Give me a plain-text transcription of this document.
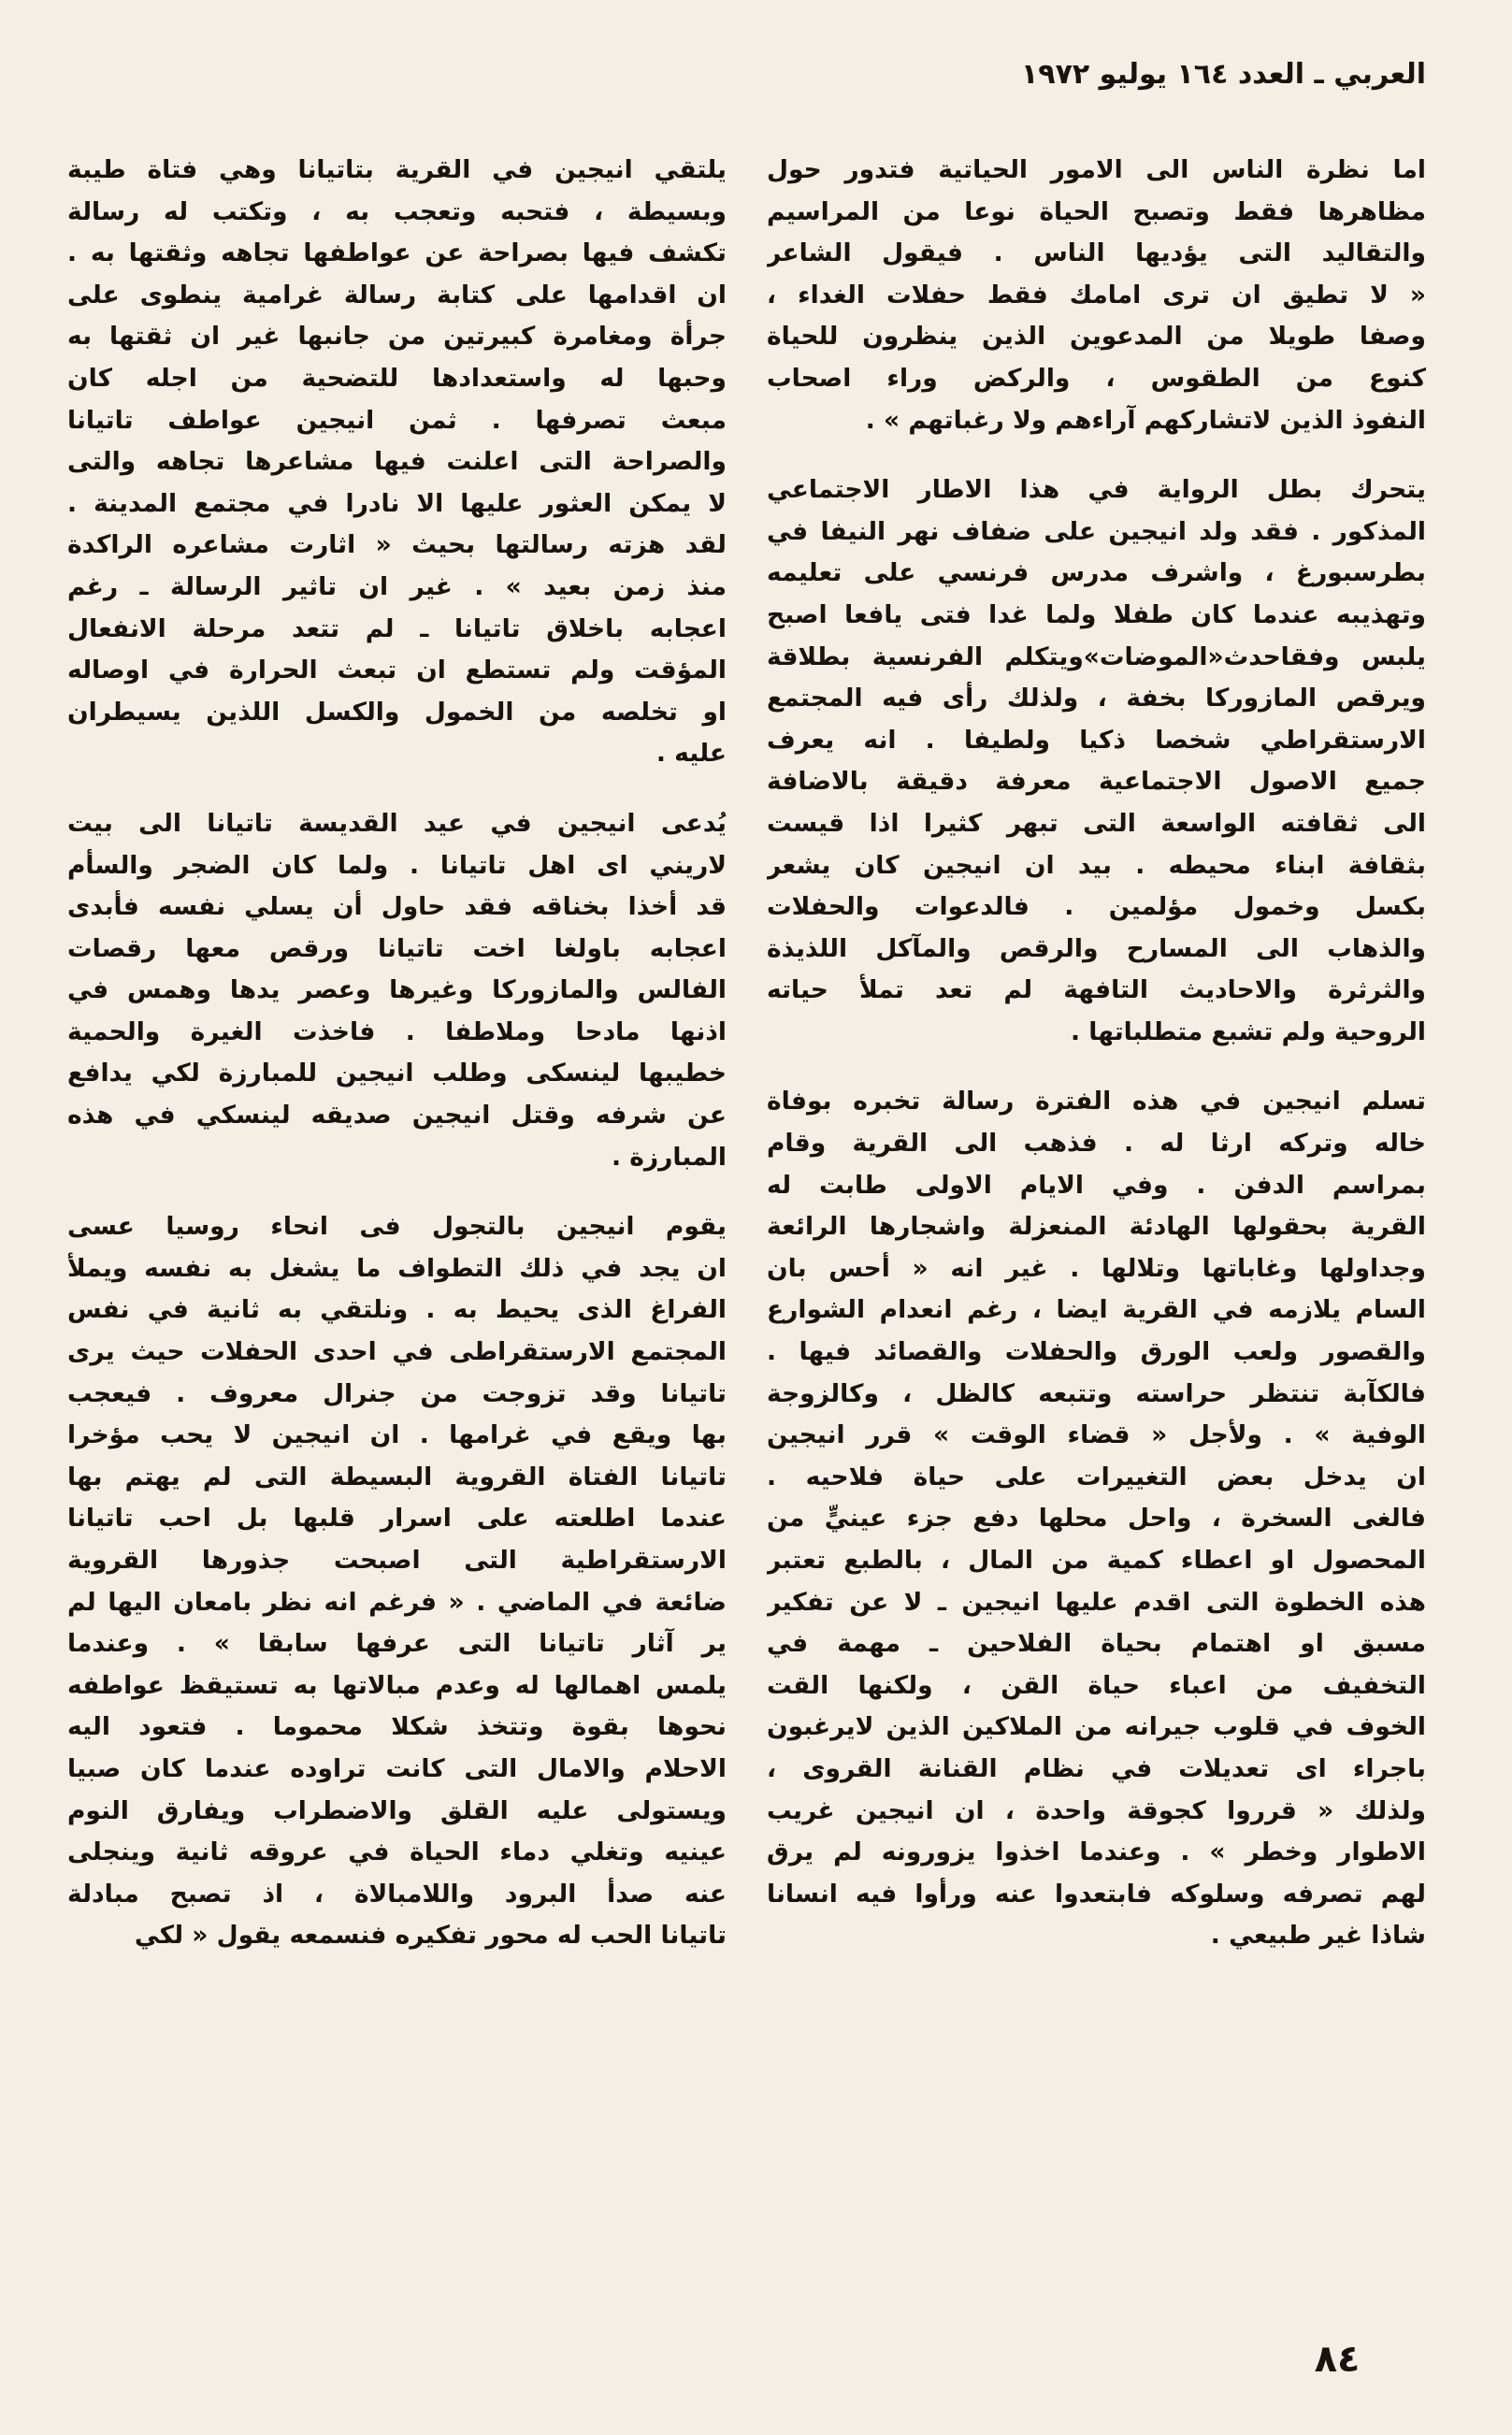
العربي ـ العدد ١٦٤ يوليو ١٩٧٢
اما نظرة الناس الى الامور الحياتية فتدور حول
مظاهرها فقط وتصبح الحياة نوعا من المراسيم
والتقاليد التى يؤديها الناس . فيقول الشاعر
« لا تطيق ان ترى امامك فقط حفلات الغداء ،
وصفا طويلا من المدعوين الذين ينظرون للحياة
كنوع من الطقوس ، والركض وراء اصحاب
النفوذ الذين لاتشاركهم آراءهم ولا رغباتهم » .
يتحرك بطل الرواية في هذا الاطار الاجتماعي
المذكور . فقد ولد انيجين على ضفاف نهر النيفا في
بطرسبورغ ، واشرف مدرس فرنسي على تعليمه
وتهذيبه عندما كان طفلا ولما غدا فتى يافعا اصبح
يلبس وفقاحدث«الموضات»ويتكلم الفرنسية بطلاقة
ويرقص المازوركا بخفة ، ولذلك رأى فيه المجتمع
الارستقراطي شخصا ذكيا ولطيفا . انه يعرف
جميع الاصول الاجتماعية معرفة دقيقة بالاضافة
الى ثقافته الواسعة التى تبهر كثيرا اذا قيست
بثقافة ابناء محيطه . بيد ان انيجين كان يشعر
بكسل وخمول مؤلمين . فالدعوات والحفلات
والذهاب الى المسارح والرقص والمآكل اللذيذة
والثرثرة والاحاديث التافهة لم تعد تملأ حياته
الروحية ولم تشبع متطلباتها .
تسلم انيجين في هذه الفترة رسالة تخبره بوفاة
خاله وتركه ارثا له . فذهب الى القرية وقام
بمراسم الدفن . وفي الايام الاولى طابت له
القرية بحقولها الهادئة المنعزلة واشجارها الرائعة
وجداولها وغاباتها وتلالها . غير انه « أحس بان
السام يلازمه في القرية ايضا ، رغم انعدام الشوارع
والقصور ولعب الورق والحفلات والقصائد فيها .
فالكآبة تنتظر حراسته وتتبعه كالظل ، وكالزوجة
الوفية » . ولأجل « قضاء الوقت » قرر انيجين
ان يدخل بعض التغييرات على حياة فلاحيه .
فالغى السخرة ، واحل محلها دفع جزء عينيٍّ من
المحصول او اعطاء كمية من المال ، بالطبع تعتبر
هذه الخطوة التى اقدم عليها انيجين ـ لا عن تفكير
مسبق او اهتمام بحياة الفلاحين ـ مهمة في
التخفيف من اعباء حياة القن ، ولكنها القت
الخوف في قلوب جيرانه من الملاكين الذين لايرغبون
باجراء اى تعديلات في نظام القنانة القروى ،
ولذلك « قرروا كجوقة واحدة ، ان انيجين غريب
الاطوار وخطر » . وعندما اخذوا يزورونه لم يرق
لهم تصرفه وسلوكه فابتعدوا عنه ورأوا فيه انسانا
شاذا غير طبيعي .
يلتقي انيجين في القرية بتاتيانا وهي فتاة طيبة
وبسيطة ، فتحبه وتعجب به ، وتكتب له رسالة
تكشف فيها بصراحة عن عواطفها تجاهه وثقتها به .
ان اقدامها على كتابة رسالة غرامية ينطوى على
جرأة ومغامرة كبيرتين من جانبها غير ان ثقتها به
وحبها له واستعدادها للتضحية من اجله كان
مبعث تصرفها . ثمن انيجين عواطف تاتيانا
والصراحة التى اعلنت فيها مشاعرها تجاهه والتى
لا يمكن العثور عليها الا نادرا في مجتمع المدينة .
لقد هزته رسالتها بحيث « اثارت مشاعره الراكدة
منذ زمن بعيد » . غير ان تاثير الرسالة ـ رغم
اعجابه باخلاق تاتيانا ـ لم تتعد مرحلة الانفعال
المؤقت ولم تستطع ان تبعث الحرارة في اوصاله
او تخلصه من الخمول والكسل اللذين يسيطران
عليه .
يُدعى انيجين في عيد القديسة تاتيانا الى بيت
لاريني اى اهل تاتيانا . ولما كان الضجر والسأم
قد أخذا بخناقه فقد حاول أن يسلي نفسه فأبدى
اعجابه باولغا اخت تاتيانا ورقص معها رقصات
الفالس والمازوركا وغيرها وعصر يدها وهمس في
اذنها مادحا وملاطفا . فاخذت الغيرة والحمية
خطيبها لينسكى وطلب انيجين للمبارزة لكي يدافع
عن شرفه وقتل انيجين صديقه لينسكي في هذه
المبارزة .
يقوم انيجين بالتجول فى انحاء روسيا عسى
ان يجد في ذلك التطواف ما يشغل به نفسه ويملأ
الفراغ الذى يحيط به . ونلتقي به ثانية في نفس
المجتمع الارستقراطى في احدى الحفلات حيث يرى
تاتيانا وقد تزوجت من جنرال معروف . فيعجب
بها ويقع في غرامها . ان انيجين لا يحب مؤخرا
تاتيانا الفتاة القروية البسيطة التى لم يهتم بها
عندما اطلعته على اسرار قلبها بل احب تاتيانا
الارستقراطية التى اصبحت جذورها القروية
ضائعة في الماضي . « فرغم انه نظر بامعان اليها لم
ير آثار تاتيانا التى عرفها سابقا » . وعندما
يلمس اهمالها له وعدم مبالاتها به تستيقظ عواطفه
نحوها بقوة وتتخذ شكلا محموما . فتعود اليه
الاحلام والامال التى كانت تراوده عندما كان صبيا
ويستولى عليه القلق والاضطراب ويفارق النوم
عينيه وتغلي دماء الحياة في عروقه ثانية وينجلى
عنه صدأ البرود واللامبالاة ، اذ تصبح مبادلة
تاتيانا الحب له محور تفكيره فنسمعه يقول « لكي
٨٤
